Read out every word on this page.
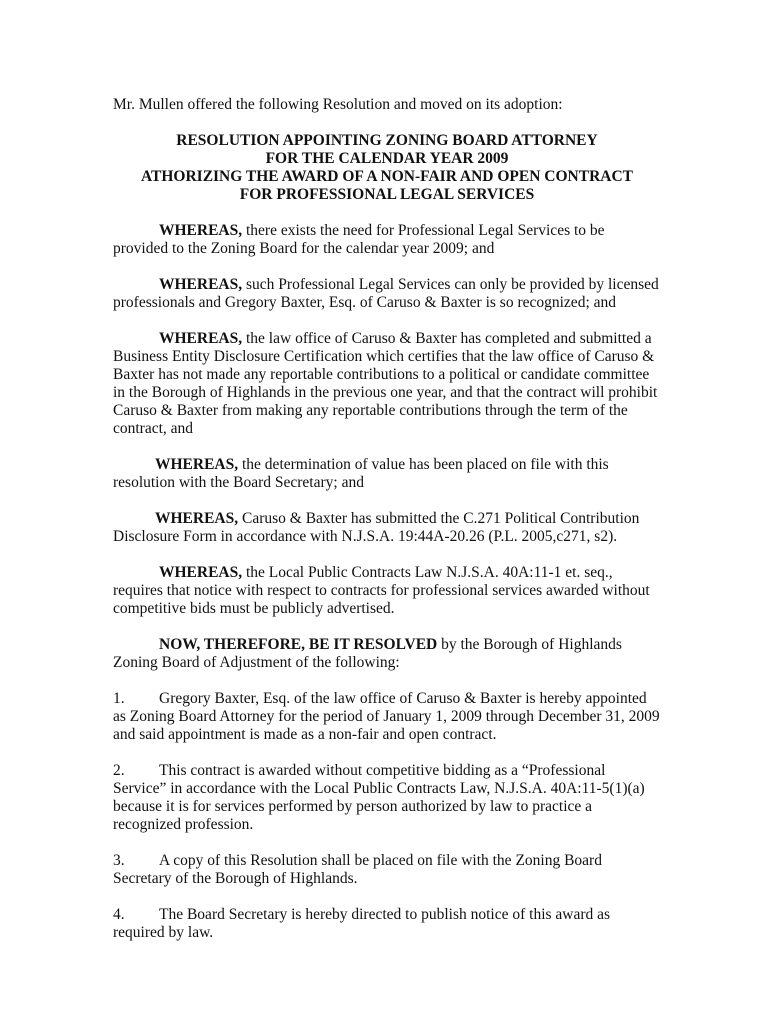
Mr. Mullen offered the following Resolution and moved on its adoption:

RESOLUTION APPOINTING ZONING BOARD ATTORNEY
FOR THE CALENDAR YEAR 2009
ATHORIZING THE AWARD OF A NON-FAIR AND OPEN CONTRACT
FOR PROFESSIONAL LEGAL SERVICES

WHEREAS, there exists the need for Professional Legal Services to be provided to the Zoning Board for the calendar year 2009; and

WHEREAS, such Professional Legal Services can only be provided by licensed professionals and Gregory Baxter, Esq. of Caruso & Baxter is so recognized; and

WHEREAS, the law office of Caruso & Baxter has completed and submitted a Business Entity Disclosure Certification which certifies that the law office of Caruso & Baxter has not made any reportable contributions to a political or candidate committee in the Borough of Highlands in the previous one year, and that the contract will prohibit Caruso & Baxter from making any reportable contributions through the term of the contract, and

WHEREAS, the determination of value has been placed on file with this resolution with the Board Secretary; and

WHEREAS, Caruso & Baxter has submitted the C.271 Political Contribution Disclosure Form in accordance with N.J.S.A. 19:44A-20.26 (P.L. 2005,c271, s2).

WHEREAS, the Local Public Contracts Law N.J.S.A. 40A:11-1 et. seq., requires that notice with respect to contracts for professional services awarded without competitive bids must be publicly advertised.

NOW, THEREFORE, BE IT RESOLVED by the Borough of Highlands Zoning Board of Adjustment of the following:

1. Gregory Baxter, Esq. of the law office of Caruso & Baxter is hereby appointed as Zoning Board Attorney for the period of January 1, 2009 through December 31, 2009 and said appointment is made as a non-fair and open contract.

2. This contract is awarded without competitive bidding as a “Professional Service” in accordance with the Local Public Contracts Law, N.J.S.A. 40A:11-5(1)(a) because it is for services performed by person authorized by law to practice a recognized profession.

3. A copy of this Resolution shall be placed on file with the Zoning Board Secretary of the Borough of Highlands.

4. The Board Secretary is hereby directed to publish notice of this award as required by law.
